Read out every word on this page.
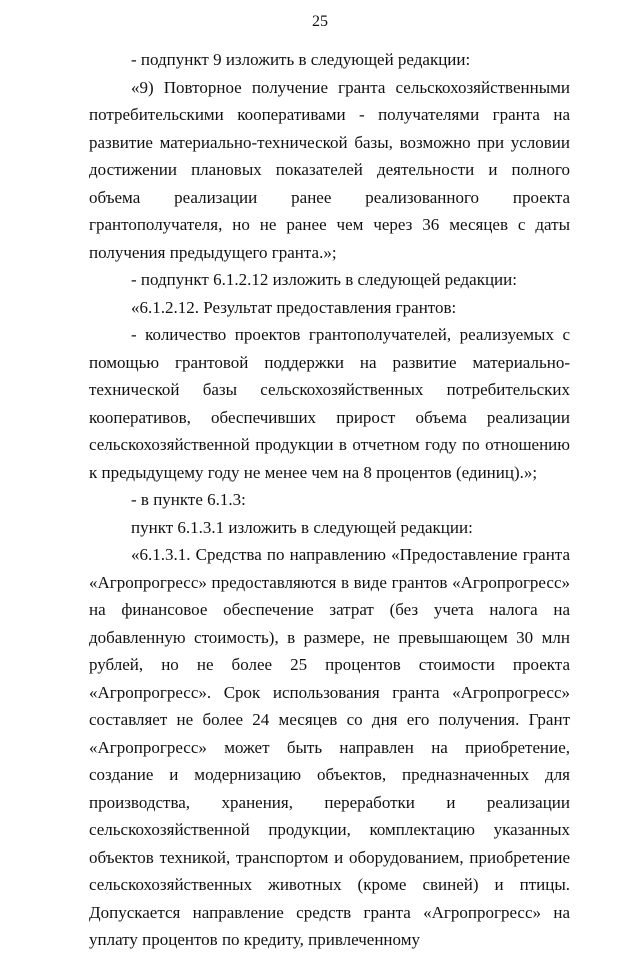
25

- подпункт 9 изложить в следующей редакции:

«9) Повторное получение гранта сельскохозяйственными потребительскими кооперативами - получателями гранта на развитие материально-технической базы, возможно при условии достижении плановых показателей деятельности и полного объема реализации ранее реализованного проекта грантополучателя, но не ранее чем через 36 месяцев с даты получения предыдущего гранта.»;

- подпункт 6.1.2.12 изложить в следующей редакции:

«6.1.2.12. Результат предоставления грантов:

- количество проектов грантополучателей, реализуемых с помощью грантовой поддержки на развитие материально-технической базы сельскохозяйственных потребительских кооперативов, обеспечивших прирост объема реализации сельскохозяйственной продукции в отчетном году по отношению к предыдущему году не менее чем на 8 процентов (единиц).»;

- в пункте 6.1.3:

пункт 6.1.3.1 изложить в следующей редакции:

«6.1.3.1. Средства по направлению «Предоставление гранта «Агропрогресс» предоставляются в виде грантов «Агропрогресс» на финансовое обеспечение затрат (без учета налога на добавленную стоимость), в размере, не превышающем 30 млн рублей, но не более 25 процентов стоимости проекта «Агропрогресс». Срок использования гранта «Агропрогресс» составляет не более 24 месяцев со дня его получения. Грант «Агропрогресс» может быть направлен на приобретение, создание и модернизацию объектов, предназначенных для производства, хранения, переработки и реализации сельскохозяйственной продукции, комплектацию указанных объектов техникой, транспортом и оборудованием, приобретение сельскохозяйственных животных (кроме свиней) и птицы. Допускается направление средств гранта «Агропрогресс» на уплату процентов по кредиту, привлеченному
